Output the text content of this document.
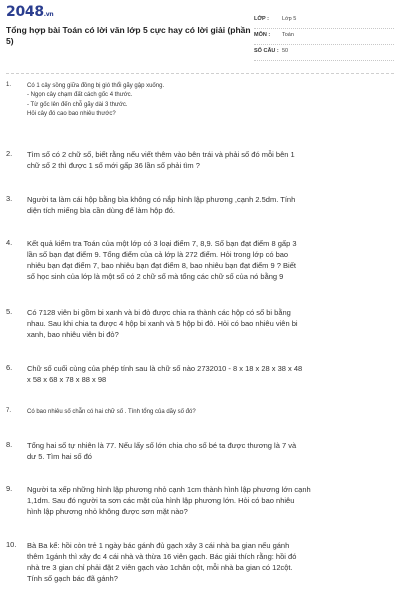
2048.vn
Tổng hợp bài Toán có lời văn lớp 5 cực hay có lời giải (phần
5)
LỚP : Lớp 5
MÔN : Toán
SỐ CÂU : 50
1.	Có 1 cây sồng giữa đồng bị gió thổi gãy gập xuống.
- Ngọn cây chạm đất cách gốc 4 thước.
- Từ gốc lên đến chỗ gãy dài 3 thước.
Hỏi cây đó cao bao nhiêu thước?
2. Tìm số có 2 chữ số, biết rằng nếu viết thêm vào bên trái và phải số đó mỗi bên 1
chữ số 2 thì được 1 số mới gấp 36 lần số phải tìm ?
3. Người ta làm cái hộp bằng bìa không có nắp hình lập phương ,cạnh 2.5dm. Tính
diện tích miếng bìa cần dùng để làm hộp đó.
4. Kết quả kiểm tra Toán của một lớp có 3 loại điểm 7, 8,9. Số bạn đạt điểm 8 gấp 3
lần số bạn đạt điểm 9. Tổng điểm của cả lớp là 272 điểm. Hỏi trong lớp có bao
nhiêu bạn đạt điểm 7, bao nhiêu bạn đạt điểm 8, bao nhiêu bạn đạt điểm 9 ? Biết
số học sinh của lớp là một số có 2 chữ số mà tổng các chữ số của nó bằng 9
5. Có 7128 viên bi gồm bi xanh và bi đỏ được chia ra thành các hộp có số bi bằng
nhau. Sau khi chia ta được 4 hộp bi xanh và 5 hộp bi đỏ. Hỏi có bao nhiêu viên bi
xanh, bao nhiêu viên bi đỏ?
6. Chữ số cuối cùng của phép tính sau là chữ số nào 2732010 - 8 x 18 x 28 x 38 x 48
x 58 x 68 x 78 x 88 x 98
7.	Có bao nhiêu số chẵn có hai chữ số . Tính tổng của dãy số đó?
8. Tổng hai số tự nhiên là 77. Nếu lấy số lớn chia cho số bé ta được thương là 7 và
dư 5. Tìm hai số đó
9. Người ta xếp những hình lập phương nhỏ cạnh 1cm thành hình lập phương lớn cạnh
1,1dm. Sau đó người ta sơn các mặt của hình lập phương lớn. Hỏi có bao nhiêu
hình lập phương nhỏ không được sơn mặt nào?
10. Bà Ba kể: hồi còn trẻ 1 ngày bác gánh đủ gạch xây 3 cái nhà ba gian nếu gánh
thêm 1gánh thì xây đc 4 cái nhà và thừa 16 viên gạch. Bác giải thích rằng: hồi đó
nhà tre 3 gian chỉ phải đặt 2 viên gạch vào 1chân cột, mỗi nhà ba gian có 12cột.
Tính số gạch bác đã gánh?
